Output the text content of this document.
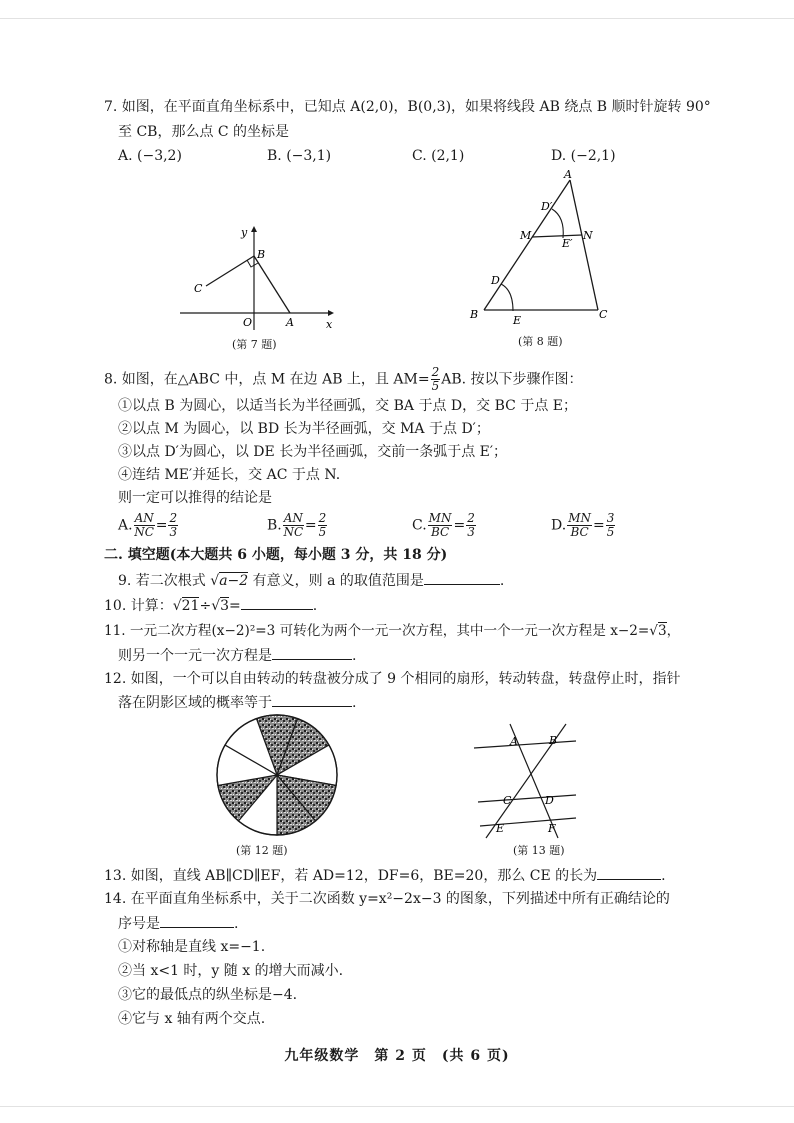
7. 如图，在平面直角坐标系中，已知点 A(2,0)，B(0,3)，如果将线段 AB 绕点 B 顺时针旋转 90°
至 CB，那么点 C 的坐标是
A. (−3,2)	B. (−3,1)	C. (2,1)	D. (−2,1)
y
x
B
C
O	A
(第 7 题)
A
D′
M
E′
N
D
B	E	C
(第 8 题)
8. 如图，在△ABC 中，点 M 在边 AB 上，且 $AM= \frac{2}{5}$ AB. 按以下步骤作图：
①以点 B 为圆心，以适当长为半径画弧，交 BA 于点 D，交 BC 于点 E；
②以点 M 为圆心，以 BD 长为半径画弧，交 MA 于点 D′；
③以点 D′为圆心，以 DE 长为半径画弧，交前一条弧于点 E′；
④连结 ME′并延长，交 AC 于点 N.
则一定可以推得的结论是
A. $\frac{AN}{NC} = \frac{2}{3}$	B. $\frac{AN}{NC} = \frac{2}{5}$	C. $\frac{MN}{BC} = \frac{2}{3}$	D. $\frac{MN}{BC} = \frac{3}{5}$
二. 填空题(本大题共 6 小题，每小题 3 分，共 18 分)
9. 若二次根式 √a−2 有意义，则 a 的取值范围是	.
10. 计算：√21÷√3=	.
11. 一元二次方程(x−2)²=3 可转化为两个一元一次方程，其中一个一元一次方程是 x−2=√3，
则另一个一元一次方程是	.
12. 如图，一个可以自由转动的转盘被分成了 9 个相同的扇形，转动转盘，转盘停止时，指针
落在阴影区域的概率等于	.
(第 12 题)
A	B
C	D
E	F
(第 13 题)
13. 如图，直线 AB∥CD∥EF，若 AD=12，DF=6，BE=20，那么 CE 的长为	.
14. 在平面直角坐标系中，关于二次函数 y=x²−2x−3 的图象，下列描述中所有正确结论的
序号是	.
①对称轴是直线 x=−1.
②当 x<1 时，y 随 x 的增大而减小.
③它的最低点的纵坐标是−4.
④它与 x 轴有两个交点.
九年级数学　第 2 页　(共 6 页)
